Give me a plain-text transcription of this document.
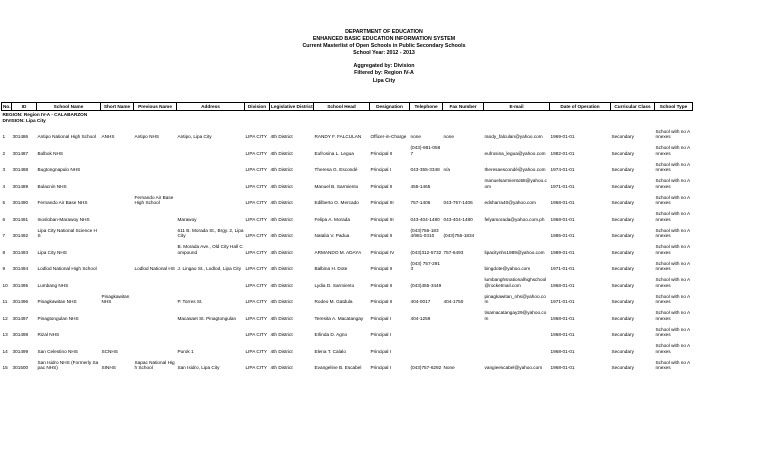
DEPARTMENT OF EDUCATION
ENHANCED BASIC EDUCATION INFORMATION SYSTEM
Current Masterlist of Open Schools in Public Secondary Schools
School Year: 2012 - 2013
Aggregated by: Division
Filtered by: Region IV-A
Lipa City
No.	ID	School Name	Short Name	Previous Name	Address	Division	Legislative District	School Head	Designation	Telephone	Fax Number	E-mail	Date of Operation	Curricular Class	School Type	
REGION: Region IV-A - CALABARZON																
DIVISION: Lipa City																
1	301486	Antipo National High School	ANHS	Antipo NHS	Antipo, Lipa City	LIPA CITY	4th District	RANDY F. FALCULAN	Officer-in-Charge	none	none	randy_falculan@yahoo.com	1969-01-01	Secondary	School with no Annexes	
2	301487	Bolbok NHS				LIPA CITY	4th District	Eufrosina L. Legua	Principal II	(043)-981-0587		eufrosina_legua@yahoo.com	1982-01-01	Secondary	School with no Annexes	
3	301488	Bugtongnapulo NHS				LIPA CITY	4th District	Theresa G. Escondé	Principal I	043-355-3348	n/a	theresaescondé@yahoo.com	1974-01-01	Secondary	School with no Annexes	
4	301489	Bulacnin NHS				LIPA CITY	4th District	Manuel B. Sarmiento	Principal II	455-1465		manuelsarmiento58@yahoo.com	1971-01-01	Secondary	School with no Annexes	
5	301490	Fernando Air Base NHS		Fernando Air Base High School		LIPA CITY	4th District	Edilberto O. Mercado	Principal III	757-1406	043-757-1406	edsharra40@yahoo.com	1968-01-01	Secondary	School with no Annexes	
6	301491	Inosloban-Marawoy NHS			Marawoy	LIPA CITY	4th District	Felipa A. Morada	Principal III	043-404-1480	043-404-1480	felyamorada@yahoo.com.ph	1968-01-01	Secondary	School with no Annexes	
7	301492	Lipa City National Science HS			611 B. Morada St., Brgy. 2, Lipa City	LIPA CITY	4th District	Natalia V. Padua	Principal II	(043)756-1834/981-0310	(043)756-1834		1985-01-01	Secondary	School with no Annexes	
8	301493	Lipa City NHS			B. Morada Ave., Old City Hall Compound	LIPA CITY	4th District	ARMANDO M. ADAYA	Principal IV	(043)312-5732	757-6493	lipacitynhs1989@yahoo.com	1989-01-01	Secondary	School with no Annexes	
9	301494	Lodlod National High School		Lodlod National HS	J. Lingao St., Lodlod, Lipa City	LIPA CITY	4th District	Balbina H. Dote	Principal II	(043) 757-2913		bingdote@yahoo.com	1971-01-01	Secondary	School with no Annexes	
10	301495	Lumbang NHS				LIPA CITY	4th District	Lydia D. Sarmiento	Principal II	(043)455-3449		lumbanghsnationalhighschool@rocketmail.com	1968-01-01	Secondary	School with no Annexes	
11	301496	Pinagkawitan NHS	Pinagkawitan NHS		P. Torres St.	LIPA CITY	4th District	Rodeo M. Gatdula	Principal II	404-0017	404-1750	pinagkawitan_nhs@yahoo.com	1971-01-01	Secondary	School with no Annexes	
12	301497	Pinagtongulan NHS			Macasaet St. Pinagtongulan	LIPA CITY	4th District	Teresita A. Macatangay	Principal I	404-1259		tisamacatangay29@yahoo.com	1968-01-01	Secondary	School with no Annexes	
13	301498	Rizal NHS				LIPA CITY	4th District	Erlinda D. Agno	Principal I				1968-01-01	Secondary	School with no Annexes	
14	301499	San Celestino NHS	SCNHS		Purok 1	LIPA CITY	4th District	Elena T. Calalo	Principal I				1968-01-01	Secondary	School with no Annexes	
15	301500	San Isidro NHS (Formerly Sapac NHS)	SINHS	Sapac National High School	San Isidro, Lipa City	LIPA CITY	4th District	Evangeline B. Escabel	Principal I	(043)757-6292	None	vangieescabel@yahoo.com	1968-01-01	Secondary	School with no Annexes	
